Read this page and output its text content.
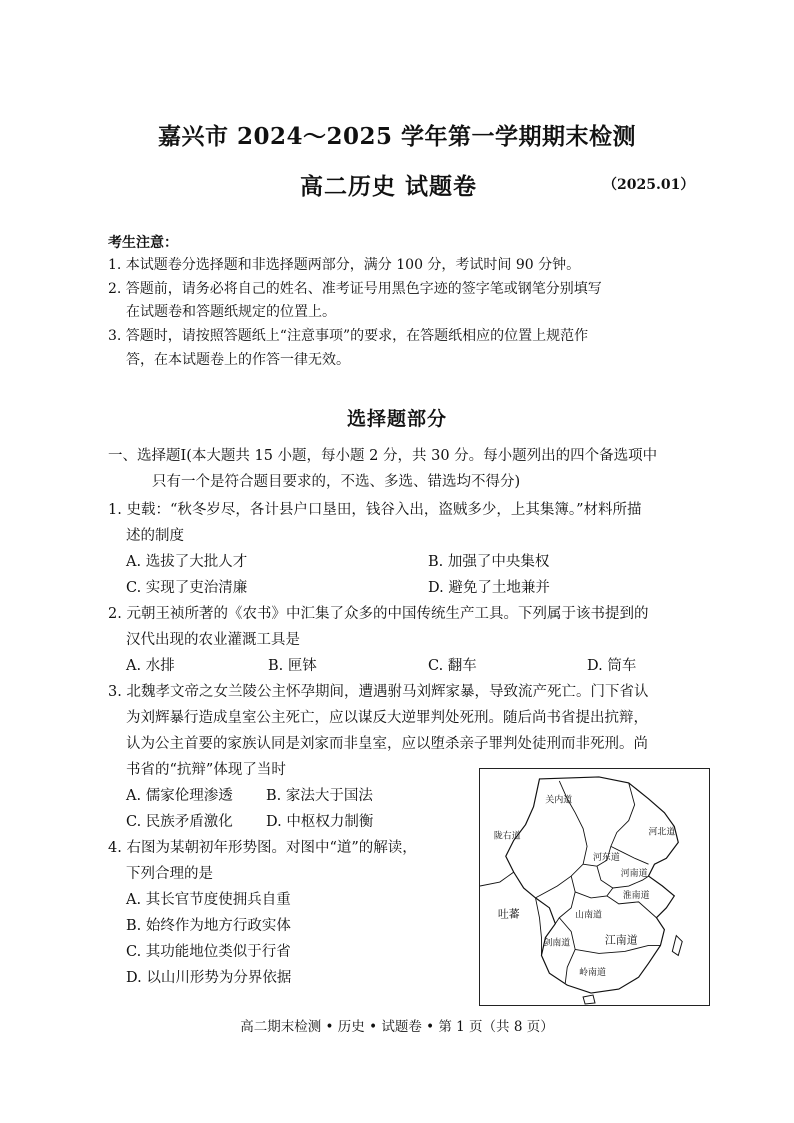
嘉兴市 2024～2025 学年第一学期期末检测
高二历史 试题卷	（2025.01）
考生注意：
1. 本试题卷分选择题和非选择题两部分，满分 100 分，考试时间 90 分钟。
2. 答题前，请务必将自己的姓名、准考证号用黑色字迹的签字笔或钢笔分别填写
在试题卷和答题纸规定的位置上。
3. 答题时，请按照答题纸上“注意事项”的要求，在答题纸相应的位置上规范作
答，在本试题卷上的作答一律无效。
选择题部分
一、选择题Ⅰ(本大题共 15 小题，每小题 2 分，共 30 分。每小题列出的四个备选项中
只有一个是符合题目要求的，不选、多选、错选均不得分)
1. 史载：“秋冬岁尽，各计县户口垦田，钱谷入出，盗贼多少，上其集簿。”材料所描
述的制度
A. 选拔了大批人才	B. 加强了中央集权
C. 实现了吏治清廉	D. 避免了土地兼并
2. 元朝王祯所著的《农书》中汇集了众多的中国传统生产工具。下列属于该书提到的
汉代出现的农业灌溉工具是
A. 水排	B. 匣钵	C. 翻车	D. 筒车
3. 北魏孝文帝之女兰陵公主怀孕期间，遭遇驸马刘辉家暴，导致流产死亡。门下省认
为刘辉暴行造成皇室公主死亡，应以谋反大逆罪判处死刑。随后尚书省提出抗辩，
认为公主首要的家族认同是刘家而非皇室，应以堕杀亲子罪判处徒刑而非死刑。尚
书省的“抗辩”体现了当时
A. 儒家伦理渗透 B. 家法大于国法
C. 民族矛盾激化 D. 中枢权力制衡
4. 右图为某朝初年形势图。对图中“道”的解读，
下列合理的是
A. 其长官节度使拥兵自重
B. 始终作为地方行政实体
C. 其功能地位类似于行省
D. 以山川形势为分界依据
关内道
陇右道	河北道
河东道
河南道
山南道
淮南道
剑南道	江南道
岭南道
吐蕃
高二期末检测 • 历史 • 试题卷 • 第 1 页（共 8 页）
